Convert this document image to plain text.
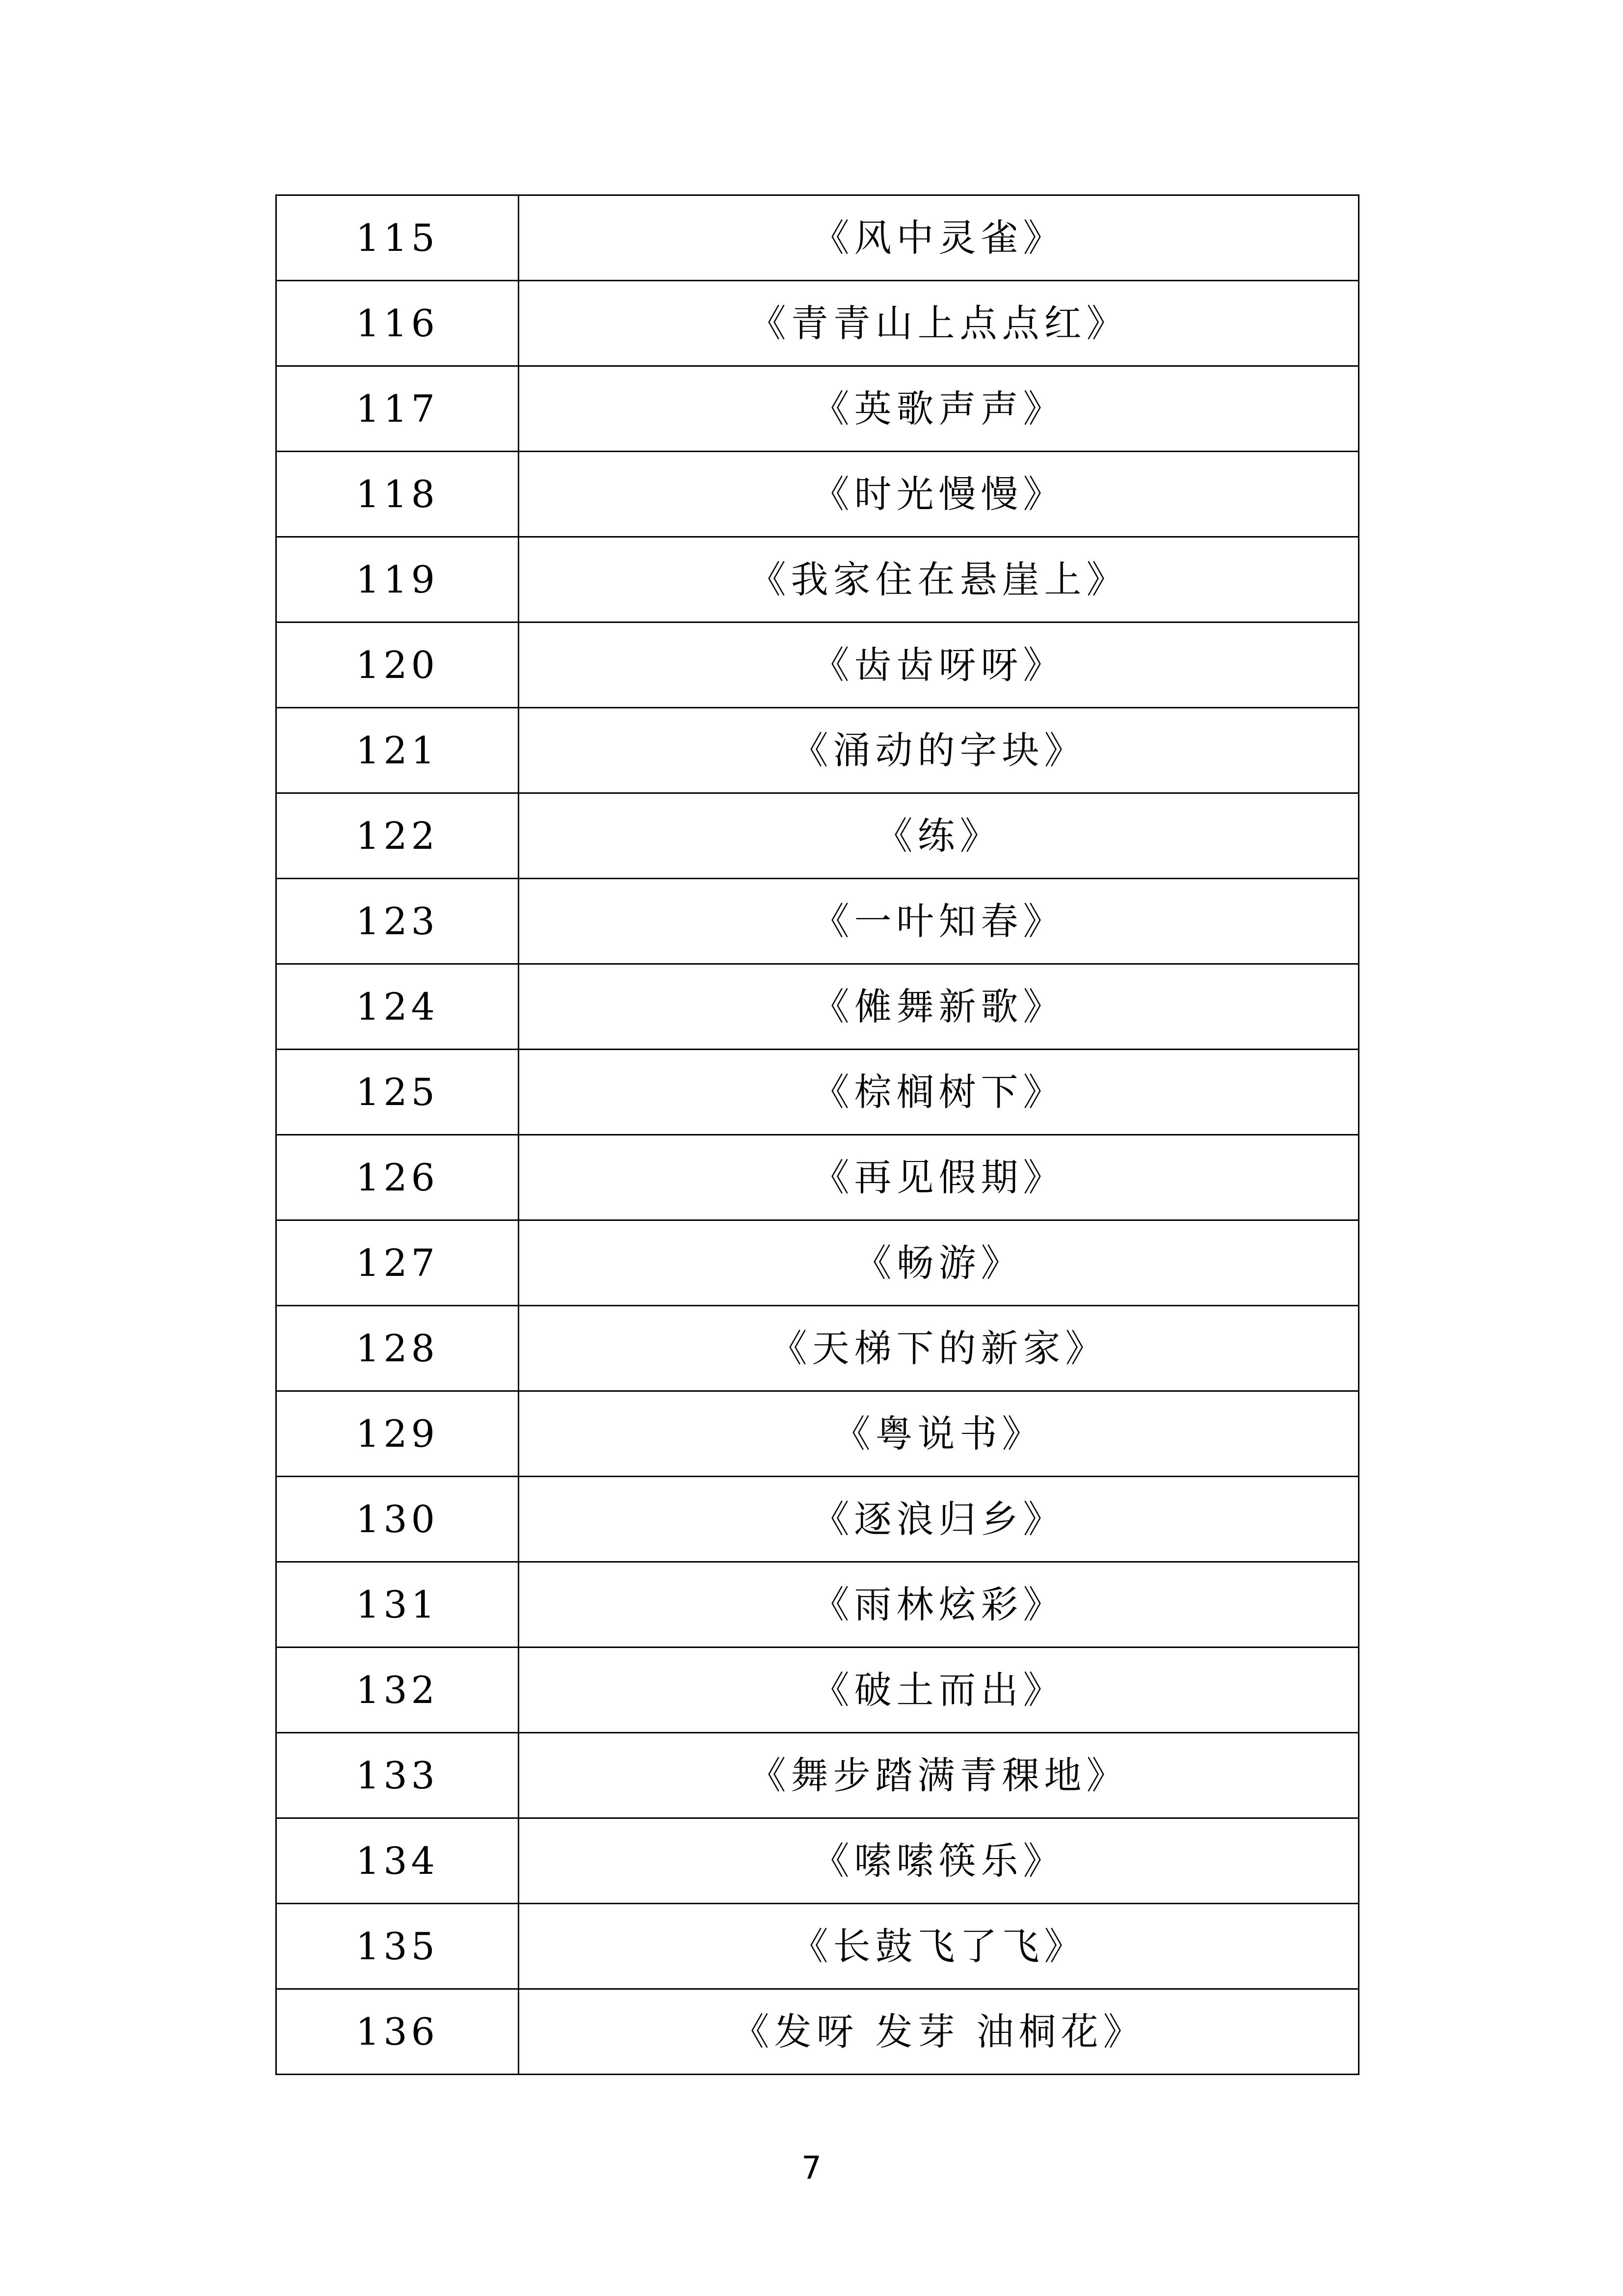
115	《风中灵雀》
116	《青青山上点点红》
117	《英歌声声》
118	《时光慢慢》
119	《我家住在悬崖上》
120	《齿齿呀呀》
121	《涌动的字块》
122	《练》
123	《一叶知春》
124	《傩舞新歌》
125	《棕榈树下》
126	《再见假期》
127	《畅游》
128	《天梯下的新家》
129	《粤说书》
130	《逐浪归乡》
131	《雨林炫彩》
132	《破土而出》
133	《舞步踏满青稞地》
134	《嗦嗦筷乐》
135	《长鼓飞了飞》
136	《发呀 发芽 油桐花》
7
